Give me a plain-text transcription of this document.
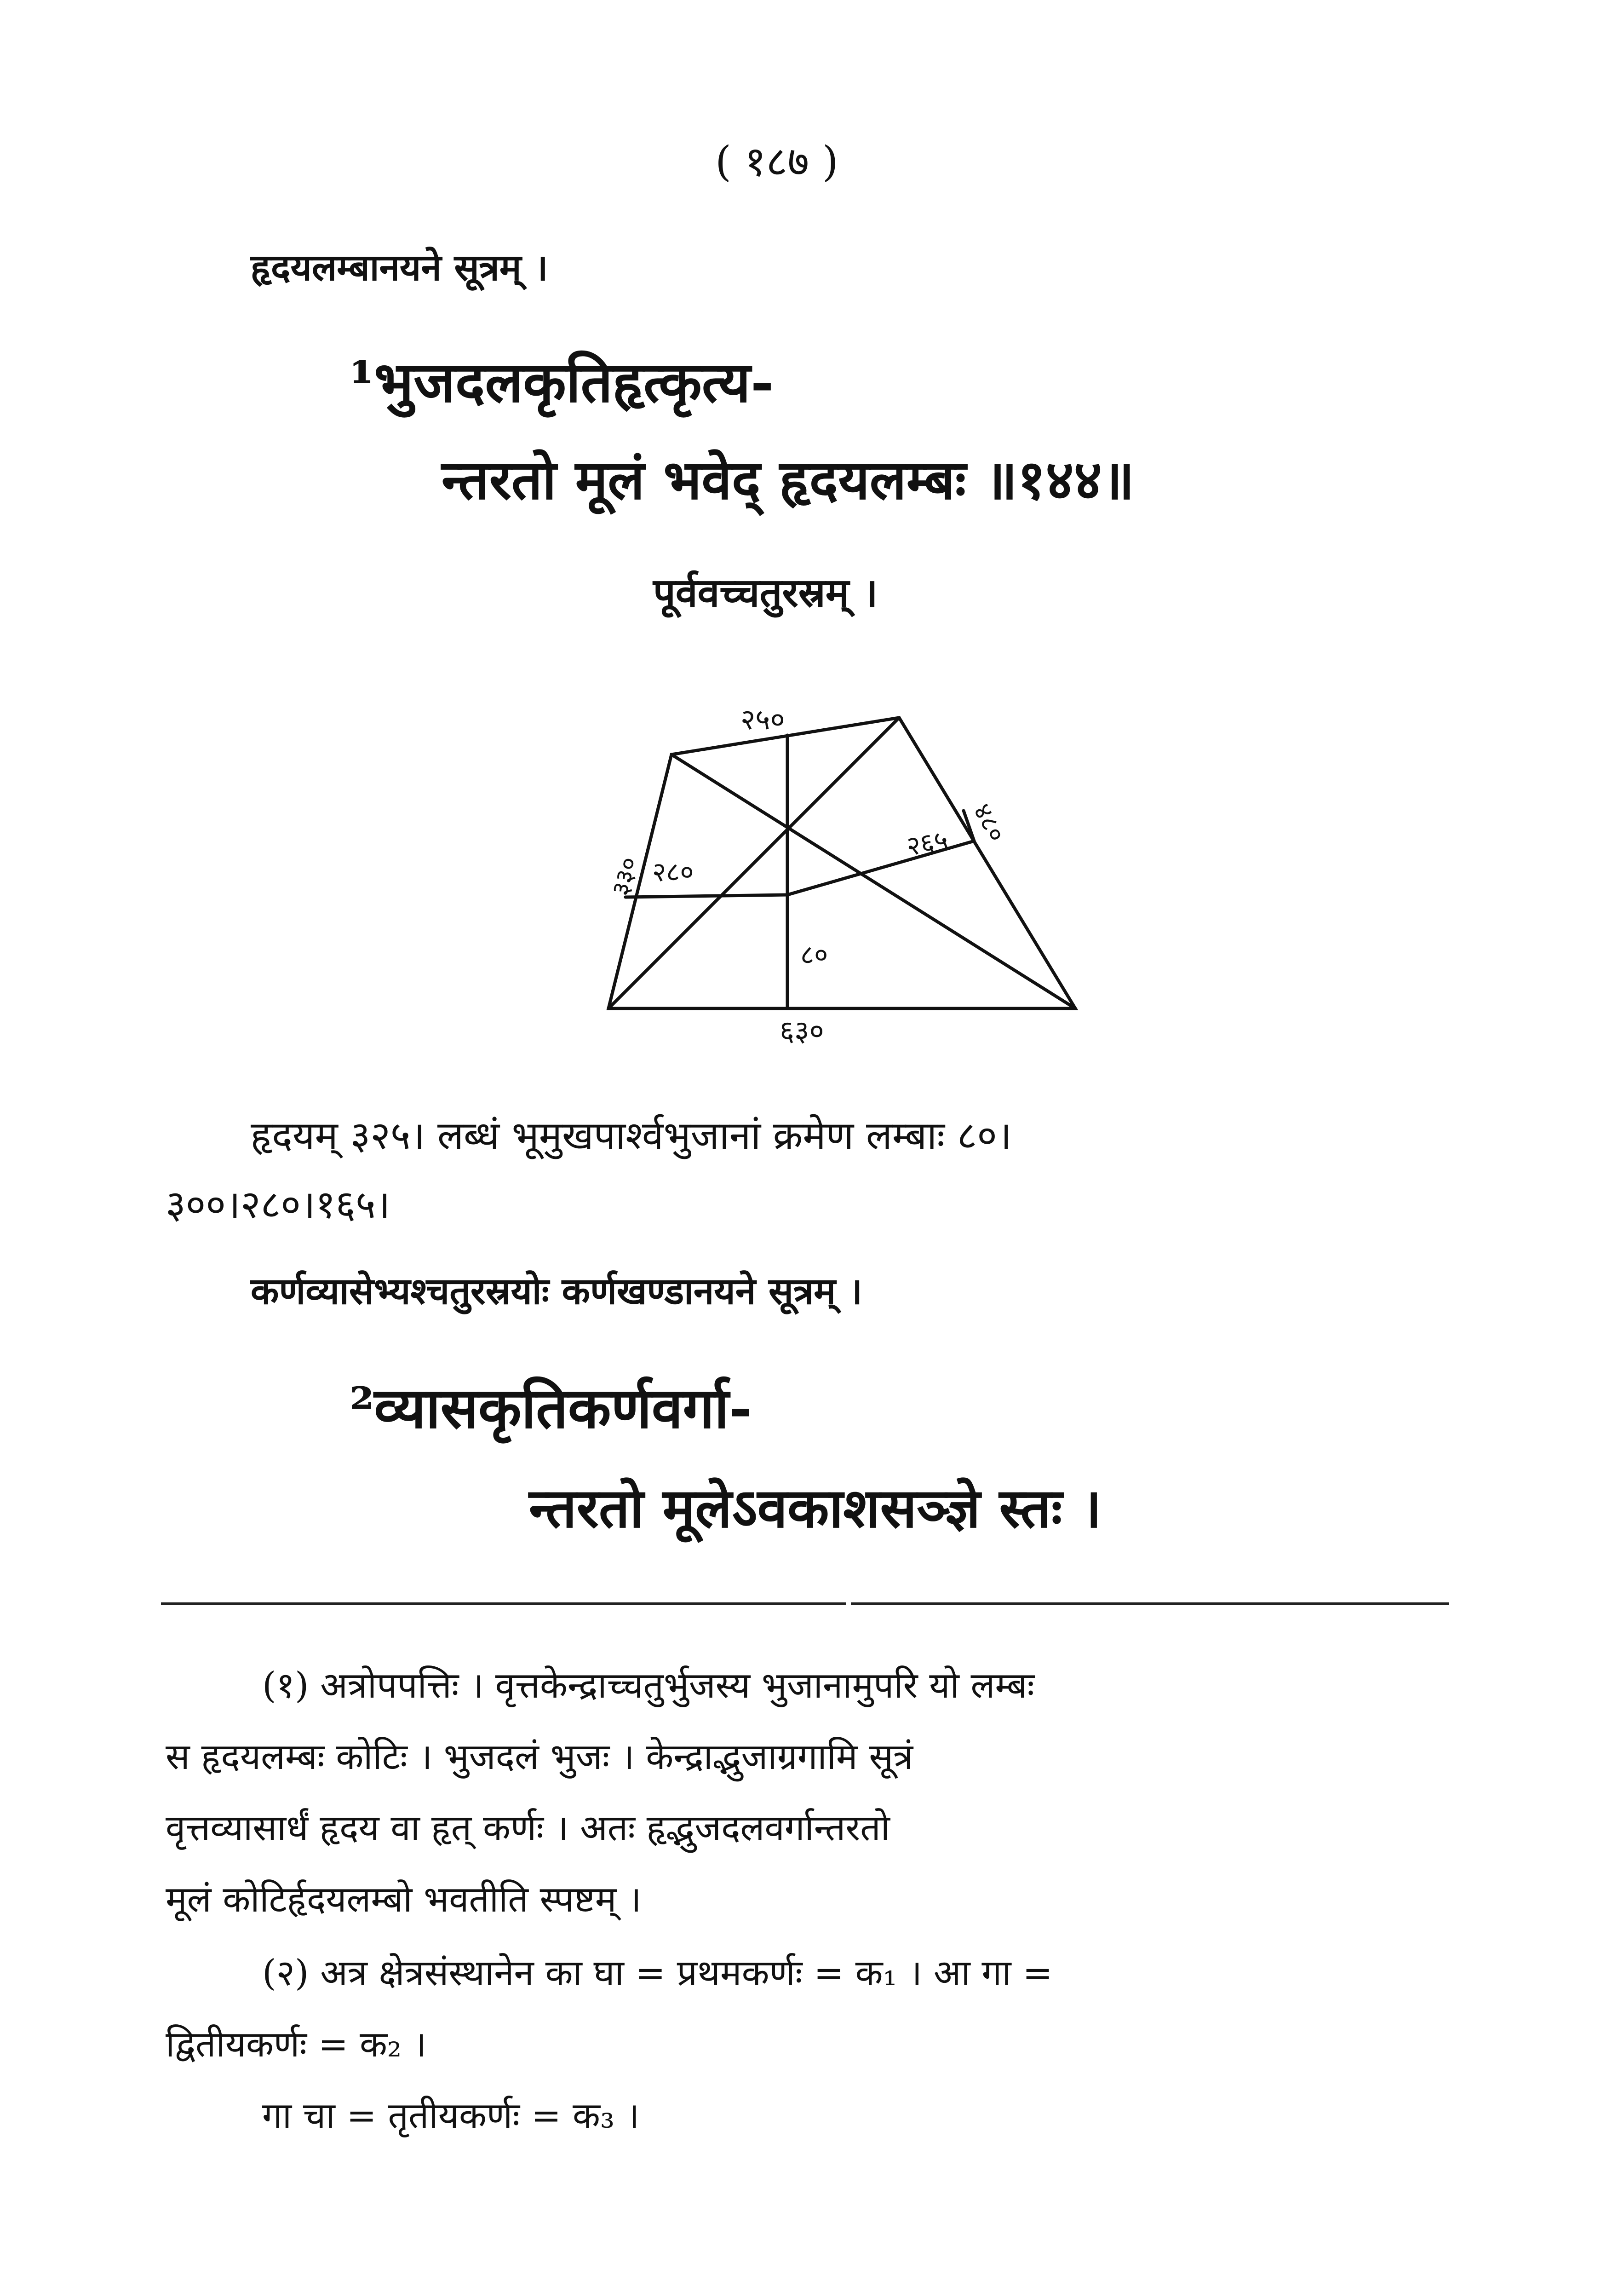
( १८७ )
हृदयलम्बानयने सूत्रम् ।
¹भुजदलकृतिहृत्कृत्य-
न्तरतो मूलं भवेद् हृदयलम्बः ॥१४४॥
पूर्ववच्चतुरस्रम् ।
२५०
६३०
३३०
४८०
२८०
२६५
८०
हृदयम् ३२५। लब्धं भूमुखपार्श्वभुजानां क्रमेण लम्बाः ८०।
३००।२८०।१६५।
कर्णव्यासेभ्यश्चतुरस्रयोः कर्णखण्डानयने सूत्रम् ।
²व्यासकृतिकर्णवर्गा-
न्तरतो मूलेऽवकाशसञ्ज्ञे स्तः ।
(१) अत्रोपपत्तिः । वृत्तकेन्द्राच्चतुर्भुजस्य भुजानामुपरि यो लम्बः
स हृदयलम्बः कोटिः । भुजदलं भुजः । केन्द्राद्भुजाग्रगामि सूत्रं
वृत्तव्यासार्धं हृदय वा हृत् कर्णः । अतः हृद्भुजदलवर्गान्तरतो
मूलं कोटिर्हृदयलम्बो भवतीति स्पष्टम् ।
(२) अत्र क्षेत्रसंस्थानेन का घा = प्रथमकर्णः = क₁ । आ गा =
द्वितीयकर्णः = क₂ ।
गा चा = तृतीयकर्णः = क₃ ।
